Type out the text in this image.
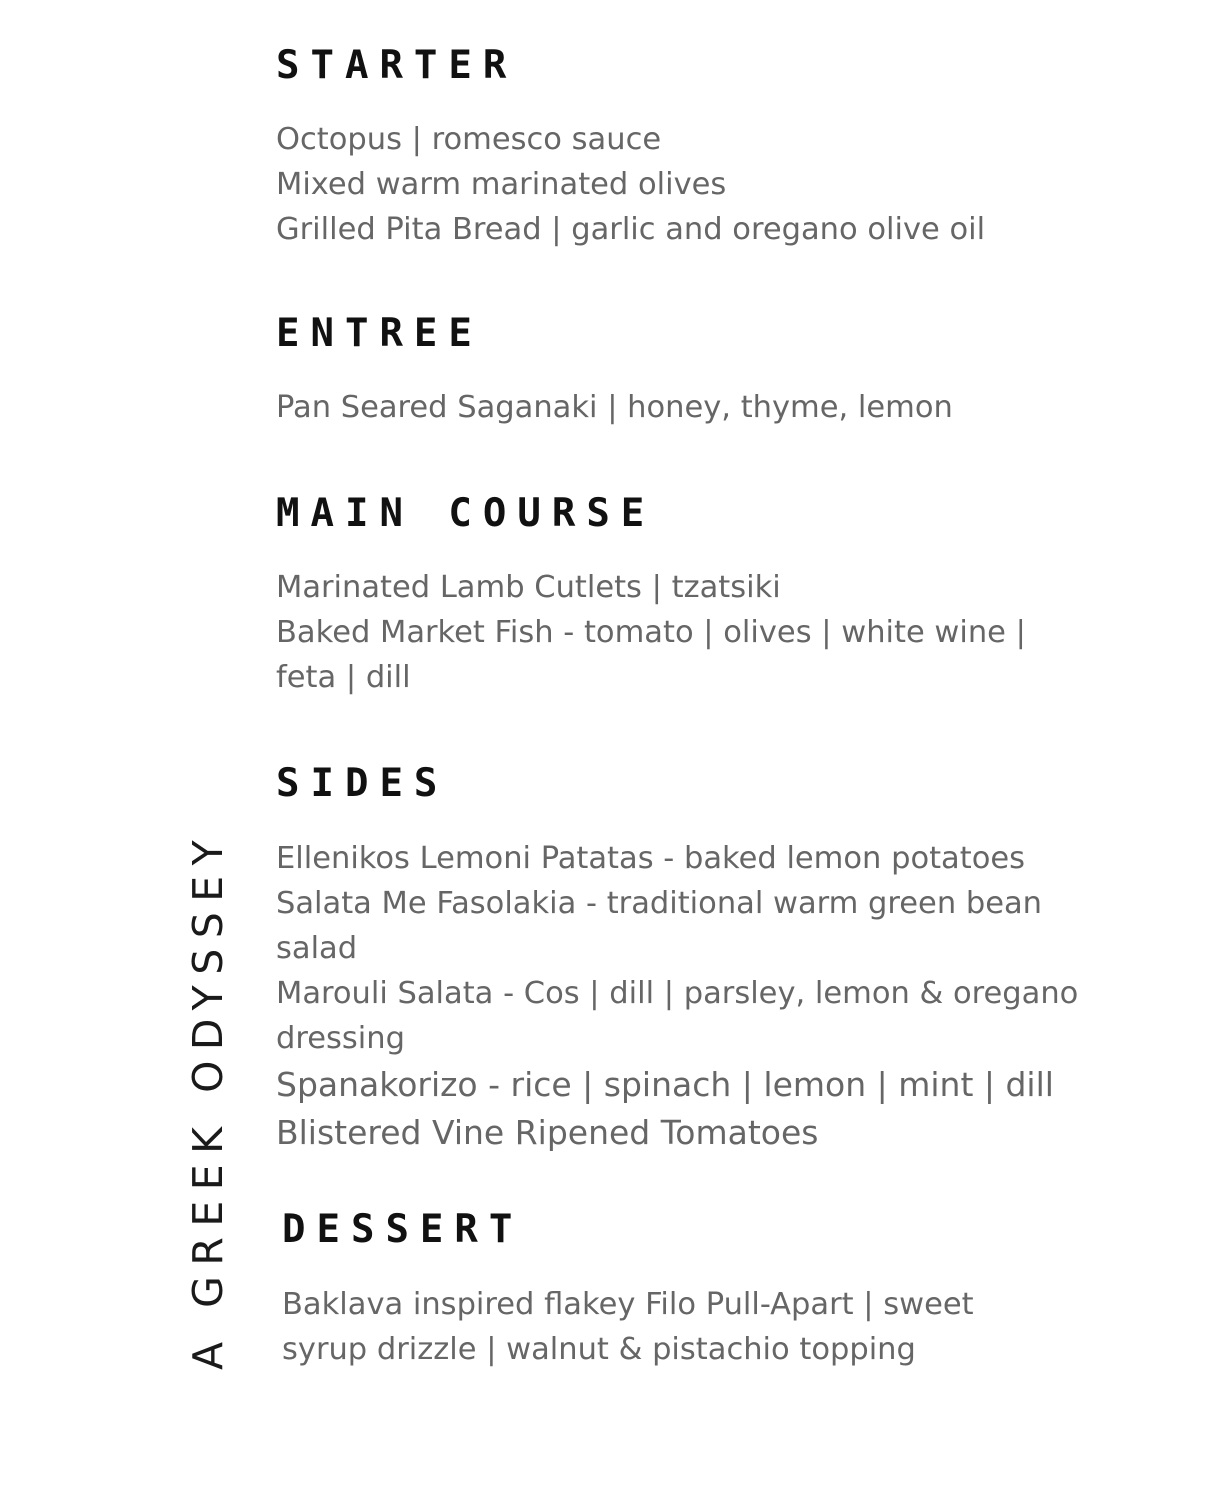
A GREEK ODYSSEY
STARTER
Octopus | romesco sauce
Mixed warm marinated olives
Grilled Pita Bread | garlic and oregano olive oil
ENTREE
Pan Seared Saganaki | honey, thyme, lemon
MAIN COURSE
Marinated Lamb Cutlets | tzatsiki
Baked Market Fish - tomato | olives | white wine | feta | dill
SIDES
Ellenikos Lemoni Patatas - baked lemon potatoes
Salata Me Fasolakia - traditional warm green bean salad
Marouli Salata - Cos | dill | parsley, lemon & oregano dressing
Spanakorizo - rice | spinach | lemon | mint | dill
Blistered Vine Ripened Tomatoes
DESSERT
Baklava inspired flakey Filo Pull-Apart | sweet syrup drizzle | walnut & pistachio topping
